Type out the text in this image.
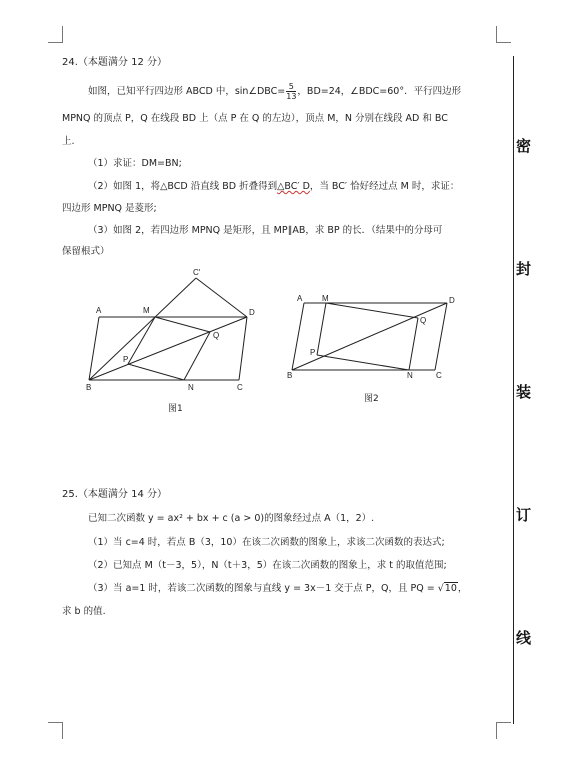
密
封
装
订
线
24.（本题满分 12 分）
如图，已知平行四边形 ABCD 中，sin∠DBC= $\frac{5}{13}$ ，BD=24，∠BDC=60°．平行四边形
MPNQ 的顶点 P，Q 在线段 BD 上（点 P 在 Q 的左边），顶点 M，N 分别在线段 AD 和 BC
上.
（1）求证：DM=BN;
（2）如图 1，将△BCD 沿直线 BD 折叠得到△BC′ D，当 BC′ 恰好经过点 M 时，求证：
四边形 MPNQ 是菱形;
（3）如图 2，若四边形 MPNQ 是矩形，且 MP∥AB，求 BP 的长．（结果中的分母可
保留根式）
A	M	D
C′
Q
P
B	N	C
A M	D
Q
P
B	N	C
图1
图2
25.（本题满分 14 分）
已知二次函数 y = ax² + bx + c (a > 0)的图象经过点 A（1，2）.
（1）当 c=4 时，若点 B（3，10）在该二次函数的图象上，求该二次函数的表达式;
（2）已知点 M（t－3，5），N（t＋3，5）在该二次函数的图象上，求 t 的取值范围;
（3）当 a=1 时，若该二次函数的图象与直线 y = 3x－1 交于点 P，Q，且 PQ = √10，
求 b 的值.
